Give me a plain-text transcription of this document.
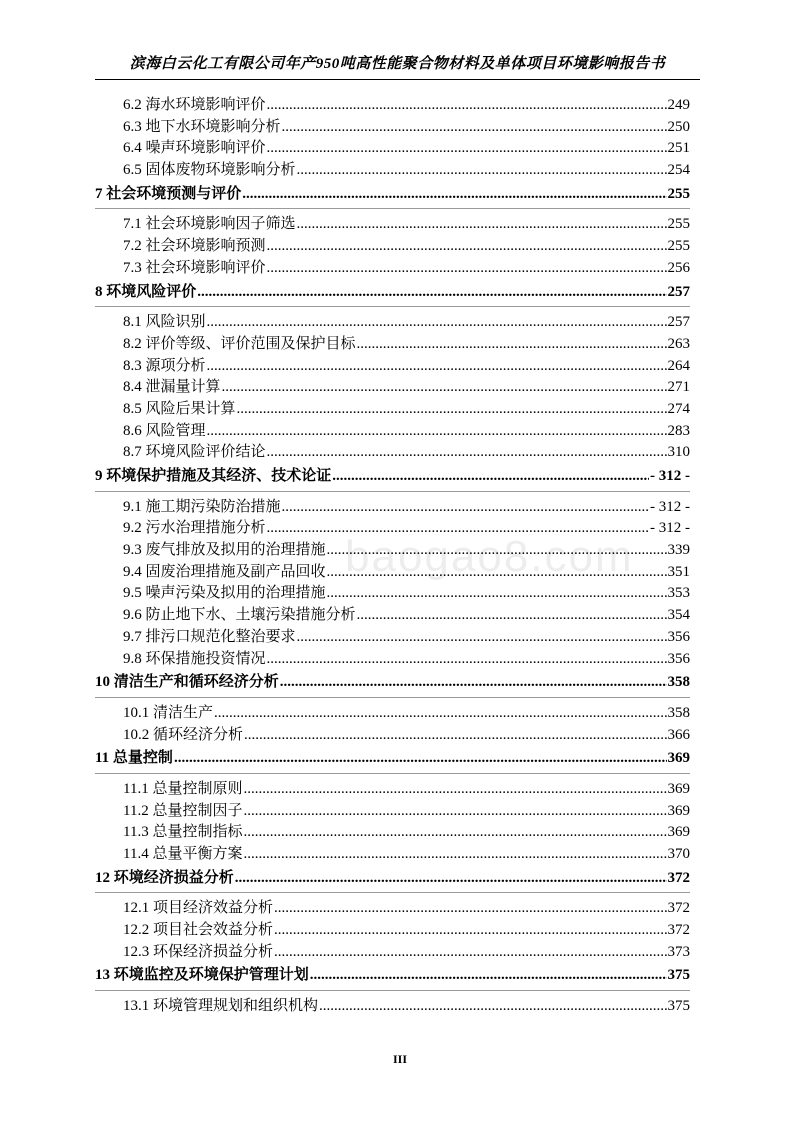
滨海白云化工有限公司年产950吨高性能聚合物材料及单体项目环境影响报告书
baogao8.com
6.2 海水环境影响评价 .....	249
6.3 地下水环境影响分析 .....	250
6.4 噪声环境影响评价 .....	251
6.5 固体废物环境影响分析 .....	254
7 社会环境预测与评价 .....	255
7.1 社会环境影响因子筛选 .....	255
7.2 社会环境影响预测 .....	255
7.3 社会环境影响评价 .....	256
8 环境风险评价 .....	257
8.1 风险识别 .....	257
8.2 评价等级、评价范围及保护目标 .....	263
8.3 源项分析 .....	264
8.4 泄漏量计算 .....	271
8.5 风险后果计算 .....	274
8.6 风险管理 .....	283
8.7 环境风险评价结论 .....	310
9 环境保护措施及其经济、技术论证 .....	- 312 -
9.1 施工期污染防治措施 .....	- 312 -
9.2 污水治理措施分析 .....	- 312 -
9.3 废气排放及拟用的治理措施 .....	339
9.4 固废治理措施及副产品回收 .....	351
9.5 噪声污染及拟用的治理措施 .....	353
9.6 防止地下水、土壤污染措施分析 .....	354
9.7 排污口规范化整治要求 .....	356
9.8 环保措施投资情况 .....	356
10 清洁生产和循环经济分析 .....	358
10.1 清洁生产 .....	358
10.2 循环经济分析 .....	366
11 总量控制 .....	369
11.1 总量控制原则 .....	369
11.2 总量控制因子 .....	369
11.3 总量控制指标 .....	369
11.4 总量平衡方案 .....	370
12 环境经济损益分析 .....	372
12.1 项目经济效益分析 .....	372
12.2 项目社会效益分析 .....	372
12.3 环保经济损益分析 .....	373
13 环境监控及环境保护管理计划 .....	375
13.1 环境管理规划和组织机构 .....	375
III
